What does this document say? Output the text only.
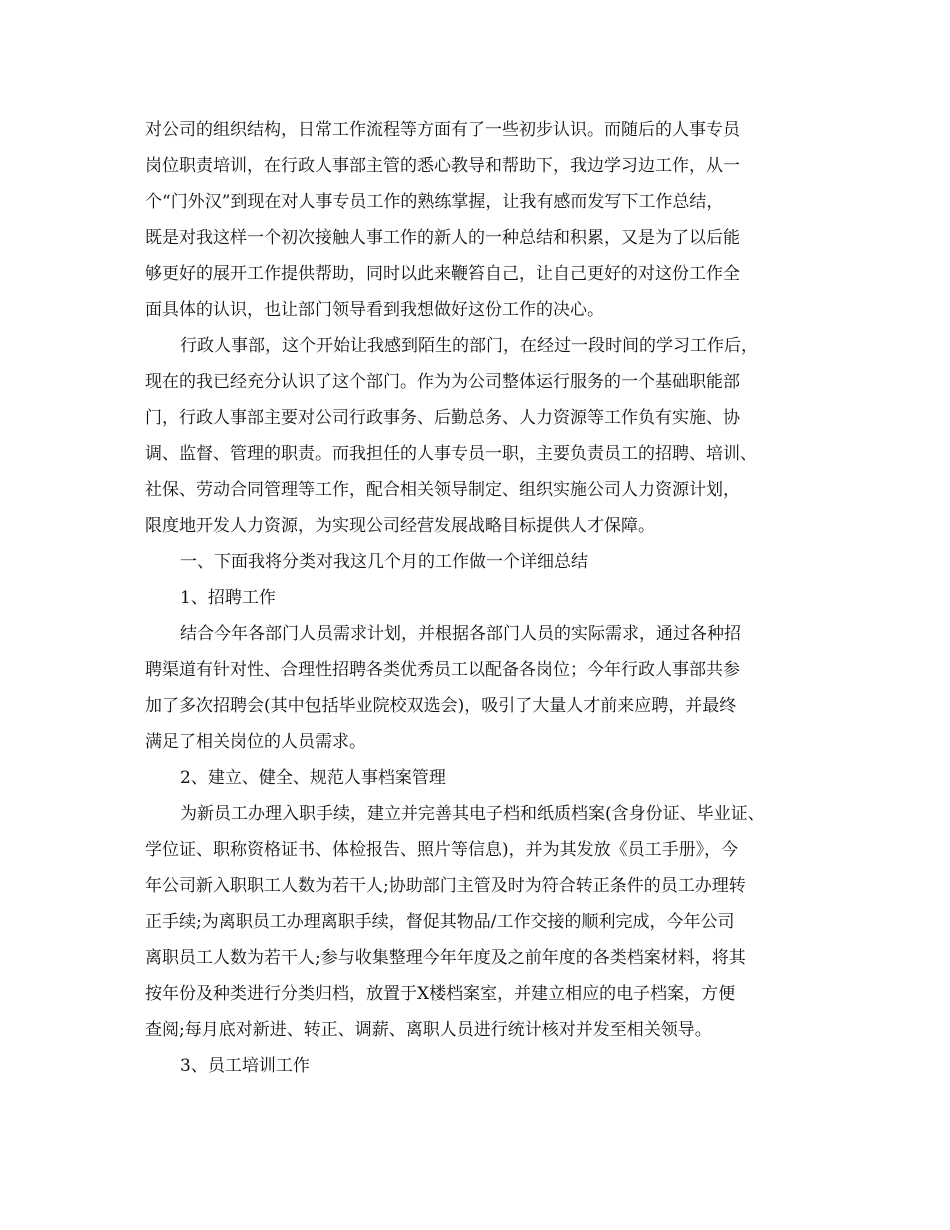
对公司的组织结构，日常工作流程等方面有了一些初步认识。而随后的人事专员
岗位职责培训，在行政人事部主管的悉心教导和帮助下，我边学习边工作，从一
个“门外汉”到现在对人事专员工作的熟练掌握，让我有感而发写下工作总结，
既是对我这样一个初次接触人事工作的新人的一种总结和积累，又是为了以后能
够更好的展开工作提供帮助，同时以此来鞭笞自己，让自己更好的对这份工作全
面具体的认识，也让部门领导看到我想做好这份工作的决心。
行政人事部，这个开始让我感到陌生的部门，在经过一段时间的学习工作后，
现在的我已经充分认识了这个部门。作为为公司整体运行服务的一个基础职能部
门，行政人事部主要对公司行政事务、后勤总务、人力资源等工作负有实施、协
调、监督、管理的职责。而我担任的人事专员一职，主要负责员工的招聘、培训、
社保、劳动合同管理等工作，配合相关领导制定、组织实施公司人力资源计划，
限度地开发人力资源，为实现公司经营发展战略目标提供人才保障。
一、下面我将分类对我这几个月的工作做一个详细总结
1、招聘工作
结合今年各部门人员需求计划，并根据各部门人员的实际需求，通过各种招
聘渠道有针对性、合理性招聘各类优秀员工以配备各岗位；今年行政人事部共参
加了多次招聘会(其中包括毕业院校双选会)，吸引了大量人才前来应聘，并最终
满足了相关岗位的人员需求。
2、建立、健全、规范人事档案管理
为新员工办理入职手续，建立并完善其电子档和纸质档案(含身份证、毕业证、
学位证、职称资格证书、体检报告、照片等信息)，并为其发放《员工手册》，今
年公司新入职职工人数为若干人;协助部门主管及时为符合转正条件的员工办理转
正手续;为离职员工办理离职手续，督促其物品/工作交接的顺利完成，今年公司
离职员工人数为若干人;参与收集整理今年年度及之前年度的各类档案材料，将其
按年份及种类进行分类归档，放置于X楼档案室，并建立相应的电子档案，方便
查阅;每月底对新进、转正、调薪、离职人员进行统计核对并发至相关领导。
3、员工培训工作
